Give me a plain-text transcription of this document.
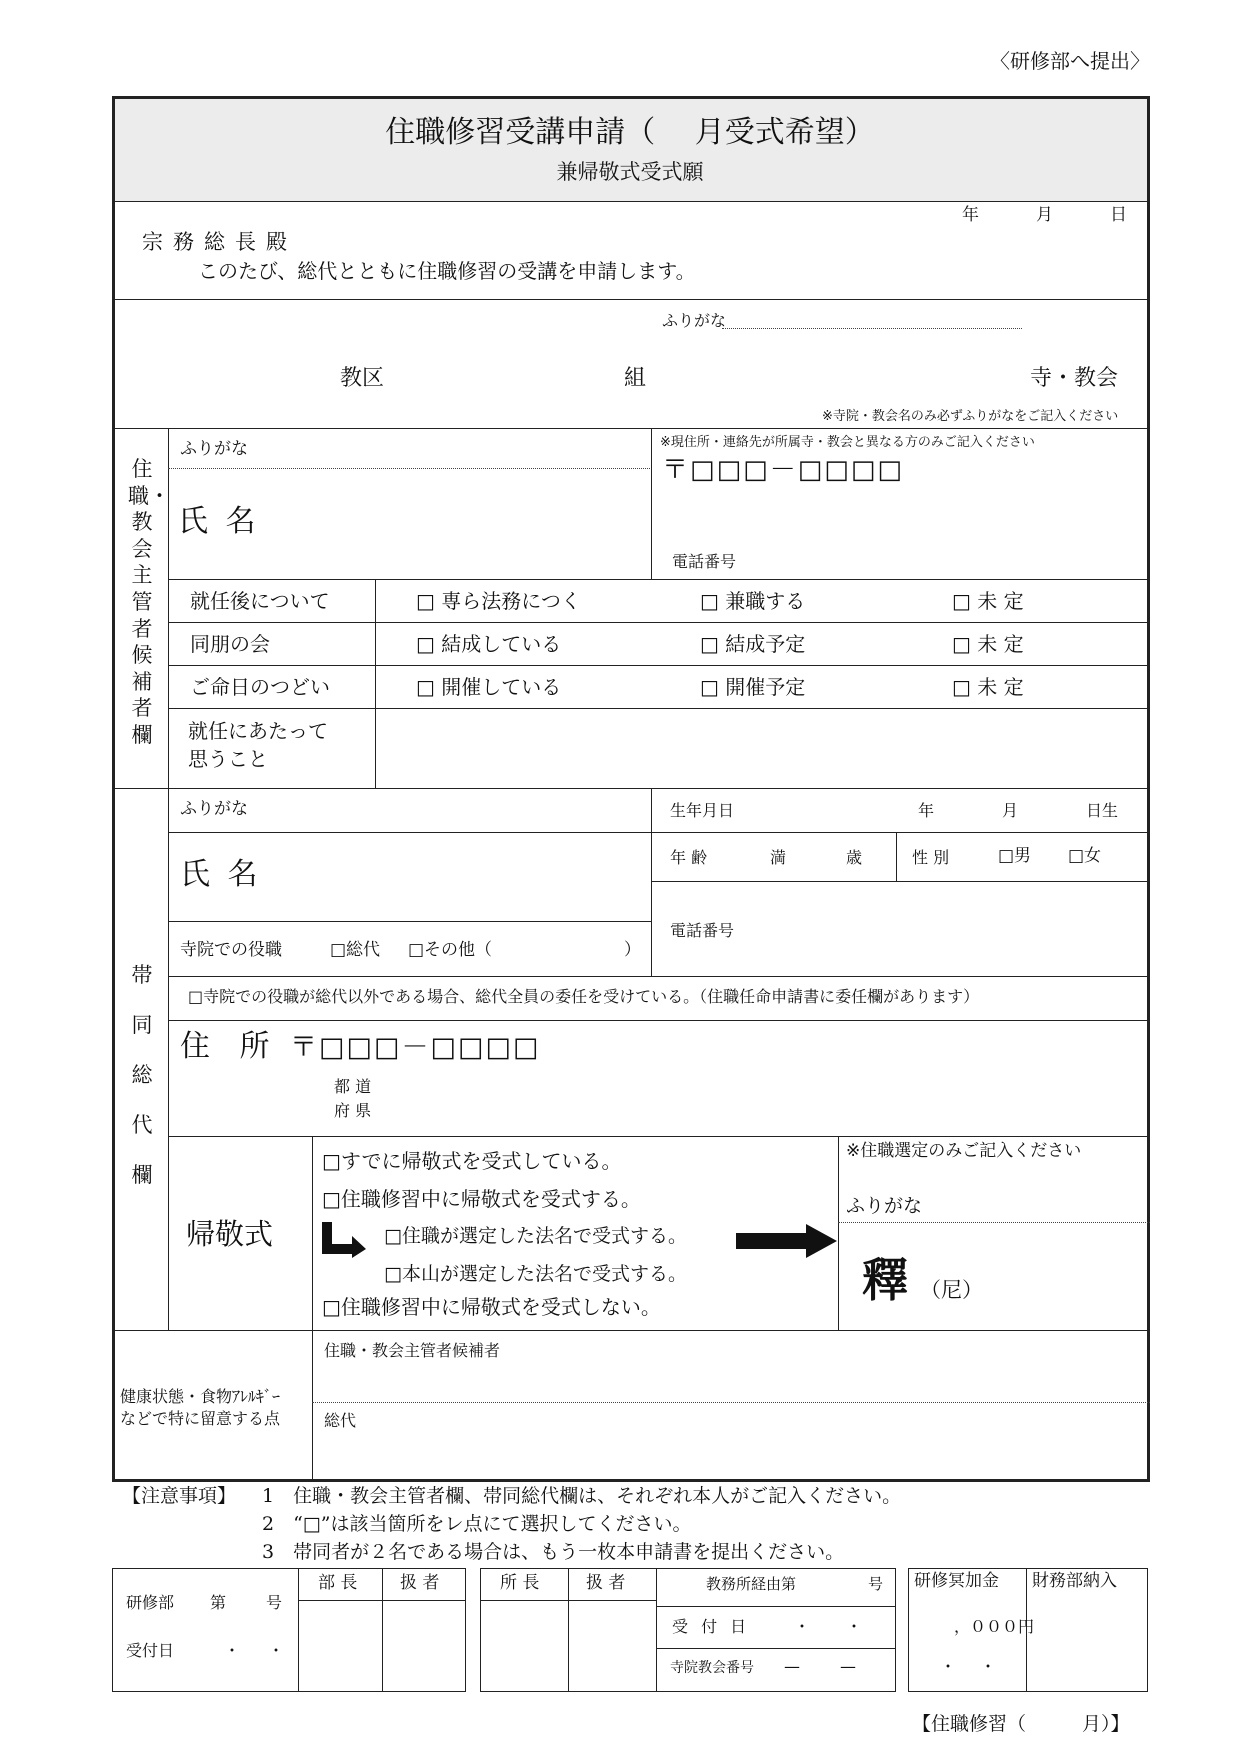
〈研修部へ提出〉
住職修習受講申請（　 月受式希望）
兼帰敬式受式願
年	月	日
宗務総長殿
このたび、総代とともに住職修習の受講を申請します。
ふりがな
教区	組	寺・教会
※寺院・教会名のみ必ずふりがなをご記入ください
住職・教会主管者候補者欄
ふりがな
氏 名
※現住所・連絡先が所属寺・教会と異なる方のみご記入ください
〒□□□－□□□□
電話番号
就任後について	□ 専ら法務につく	□ 兼職する	□ 未 定
同朋の会	□ 結成している	□ 結成予定	□ 未 定
ご命日のつどい	□ 開催している	□ 開催予定	□ 未 定
就任にあたって
思うこと
帯同総代欄
ふりがな
氏 名
寺院での役職	□総代 □その他（	）
生年月日	年	月	日生
年 齢	満	歳	性 別	□男 □女
電話番号
□寺院での役職が総代以外である場合、総代全員の委任を受けている。（住職任命申請書に委任欄があります）
住 所 〒□□□－□□□□
都 道
府 県
帰敬式
□すでに帰敬式を受式している。
□住職修習中に帰敬式を受式する。
□住職が選定した法名で受式する。
□本山が選定した法名で受式する。
□住職修習中に帰敬式を受式しない。
※住職選定のみご記入ください
ふりがな
釋 （尼）
健康状態・食物ｱﾚﾙｷﾞｰ
などで特に留意する点
住職・教会主管者候補者
総代
【注意事項】 1　住職・教会主管者欄、帯同総代欄は、それぞれ本人がご記入ください。
2　“□”は該当箇所をレ点にて選択してください。
3　帯同者が２名である場合は、もう一枚本申請書を提出ください。
研修部 第 号
受付日	・ ・
部 長	扱 者	所 長	扱 者	教務所経由第	号
受 付 日	・ ・
寺院教会番号 —	—
研修冥加金
，０００円
・ ・
財務部納入
【住職修習（	月）】
